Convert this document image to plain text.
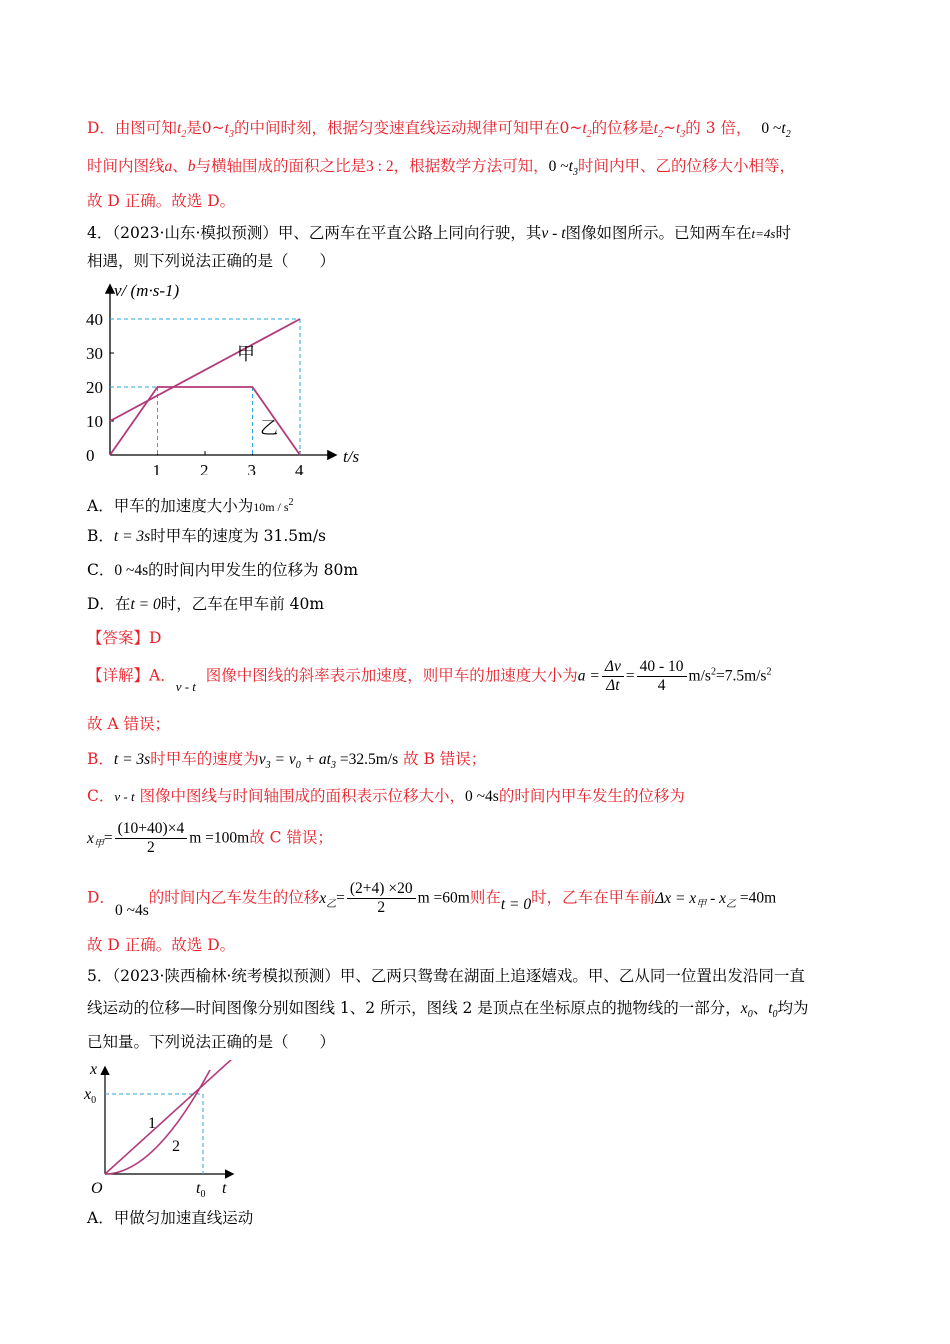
D．由图可知$t_2$是$0\sim t_3$的中间时刻，根据匀变速直线运动规律可知甲在$0\sim t_2$的位移是$t_2\sim t_3$的 3 倍， 0 $\sim t_2$
时间内图线a、b与横轴围成的面积之比是3 : 2，根据数学方法可知，0 $\sim t_3$时间内甲、乙的位移大小相等，
故 D 正确。故选 D。
4．（2023·山东·模拟预测）甲、乙两车在平直公路上同向行驶，其v - t图像如图所示。已知两车在t=4s时
相遇，则下列说法正确的是（　　）
v/ (m·s-1)
t/s
40
30
20
10
0
1 2 3 4
甲
乙
A．甲车的加速度大小为$10m / s^2$
B．t = 3s时甲车的速度为 31.5m/s
C．0 ~4s的时间内甲发生的位移为 80m
D．在t = 0时，乙车在甲车前 40m
【答案】D
【详解】A．$_{v - t}$  图像中图线的斜率表示加速度，则甲车的加速度大小为$a = \frac{\Delta v}{\Delta t} = \frac{40 - 10}{4} m/s^2=7.5m/s^2$
故 A 错误；
B．t = 3s时甲车的速度为$v_3 = v_0 + at_3 =32.5m/s$ 故 B 错误；
C．v - t 图像中图线与时间轴围成的面积表示位移大小，0 ~4s的时间内甲车发生的位移为
$x_甲= \frac{(10+40)\times 4}{2}$ m =100m故 C 错误；
D．0 ~4s的时间内乙车发生的位移$x_乙= \frac{(2+4) \times 20}{2}$ m =60m则在t = 0时，乙车在甲车前$\Delta x = x_甲 - x_乙 =40m$
故 D 正确。故选 D。
5．（2023·陕西榆林·统考模拟预测）甲、乙两只鸳鸯在湖面上追逐嬉戏。甲、乙从同一位置出发沿同一直
线运动的位移—时间图像分别如图线 1、2 所示，图线 2 是顶点在坐标原点的抛物线的一部分，$x_0$、$t_0$均为
已知量。下列说法正确的是（　　）
x
t
O
$x_0$
$t_0$
1
2
A．甲做匀加速直线运动
